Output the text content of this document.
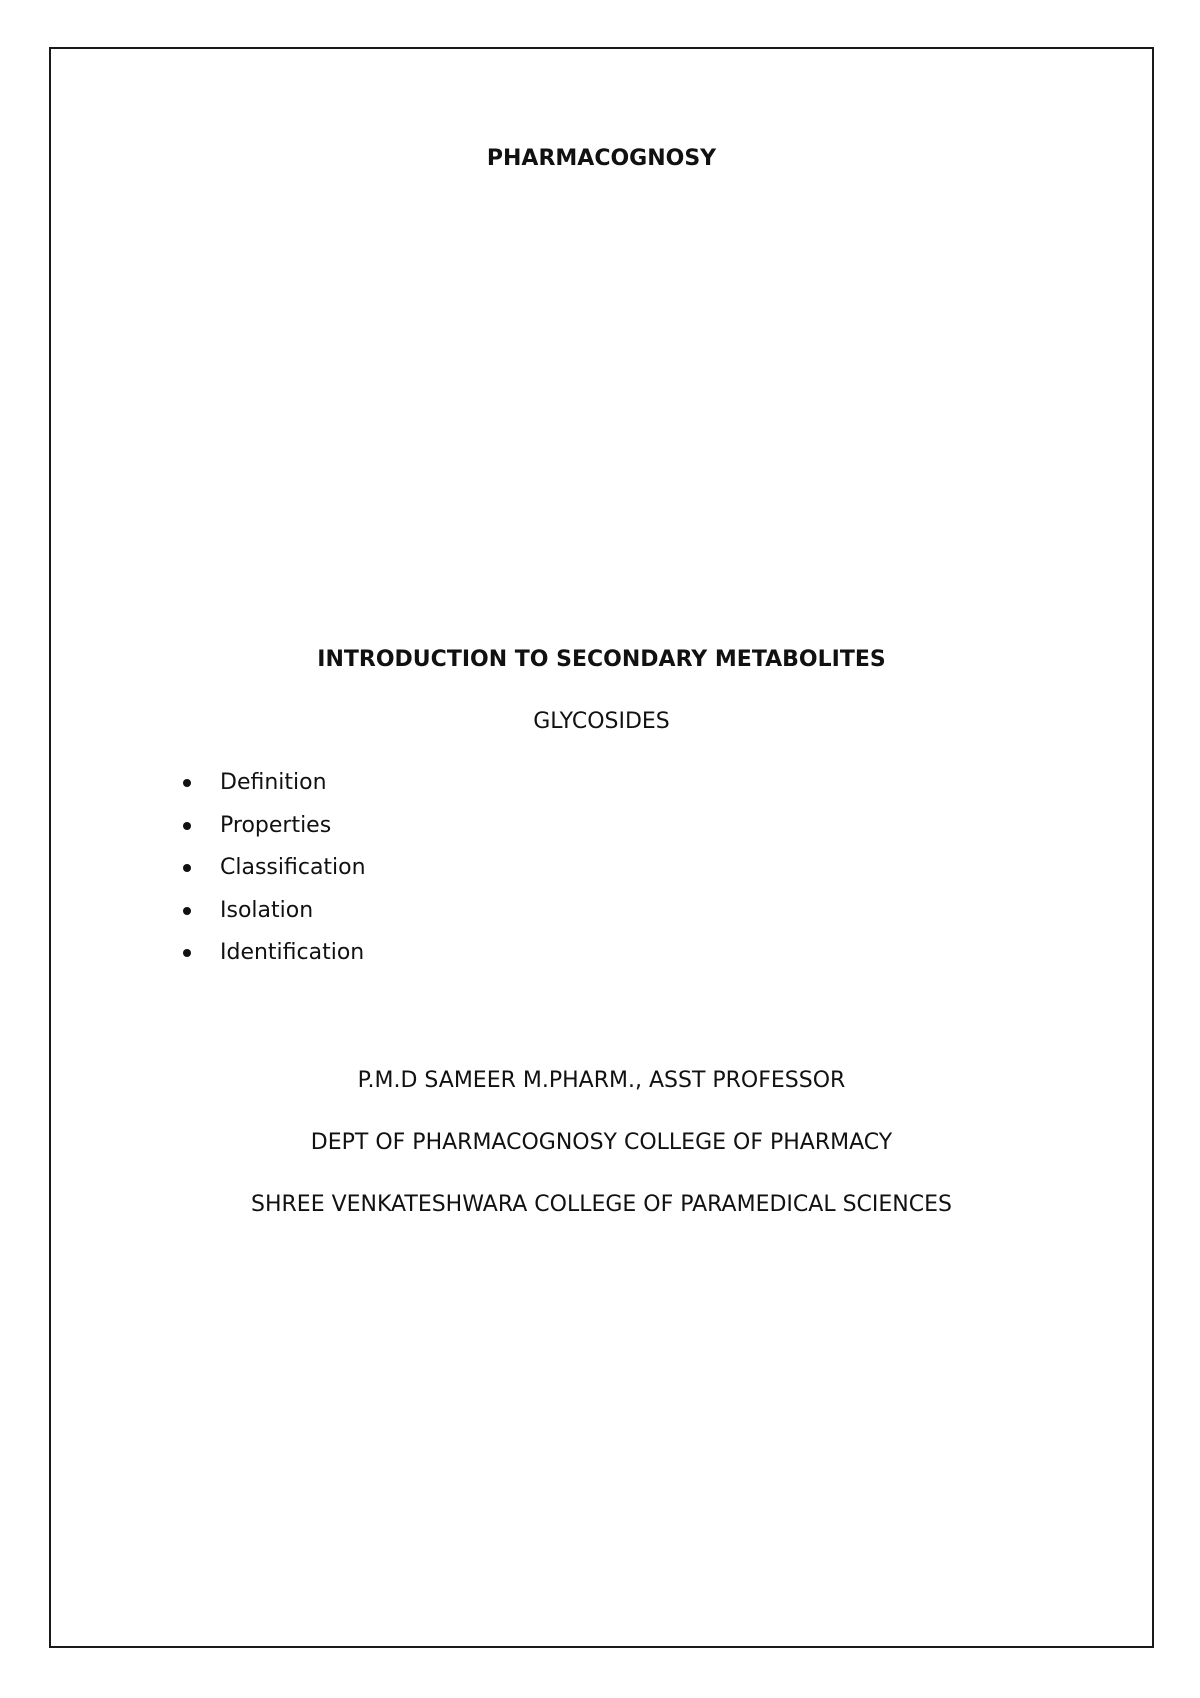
PHARMACOGNOSY
INTRODUCTION TO SECONDARY METABOLITES
GLYCOSIDES
Definition
Properties
Classification
Isolation
Identification
P.M.D SAMEER M.PHARM., ASST PROFESSOR
DEPT OF PHARMACOGNOSY COLLEGE OF PHARMACY
SHREE VENKATESHWARA COLLEGE OF PARAMEDICAL SCIENCES
